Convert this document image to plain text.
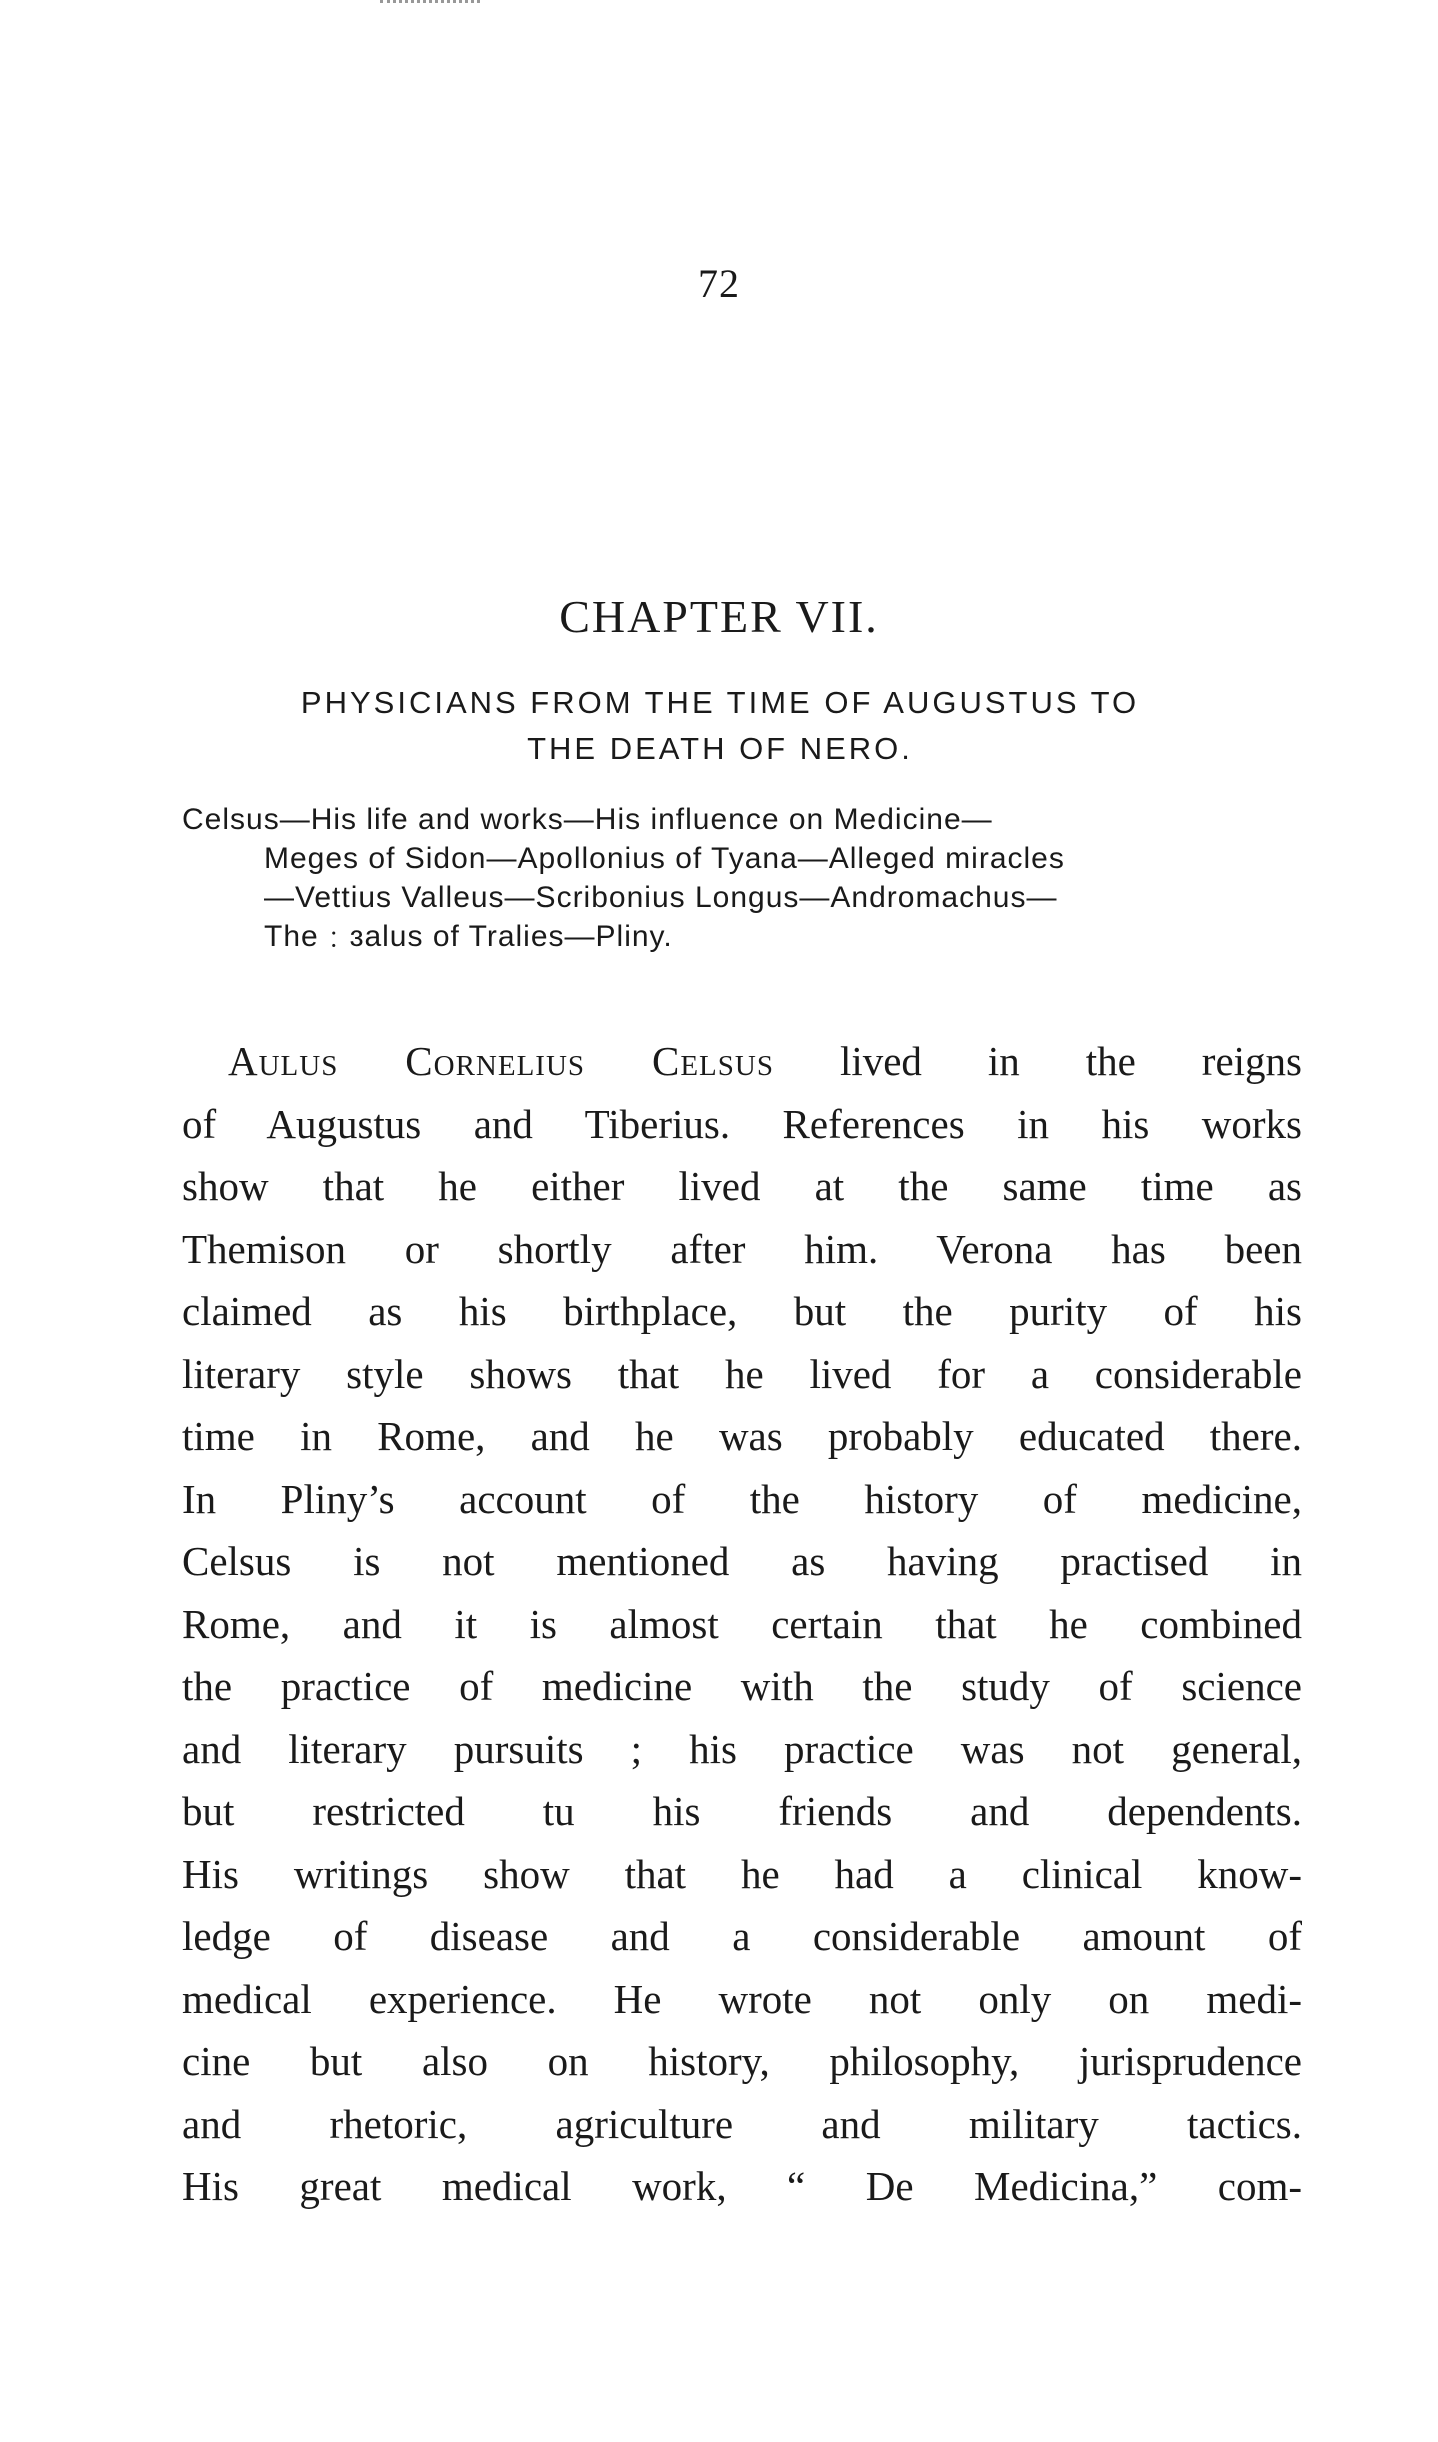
72
CHAPTER VII.
PHYSICIANS FROM THE TIME OF AUGUSTUS TO
THE DEATH OF NERO.
Celsus—His life and works—His influence on Medicine—
Meges of Sidon—Apollonius of Tyana—Alleged miracles
—Vettius Valleus—Scribonius Longus—Andromachus—
The﹕ɜalus of Tralies—Pliny.
Aulus Cornelius Celsus lived in the reigns
of Augustus and Tiberius. References in his works
show that he either lived at the same time as
Themison or shortly after him. Verona has been
claimed as his birthplace, but the purity of his
literary style shows that he lived for a considerable
time in Rome, and he was probably educated there.
In Pliny’s account of the history of medicine,
Celsus is not mentioned as having practised in
Rome, and it is almost certain that he combined
the practice of medicine with the study of science
and literary pursuits ; his practice was not general,
but restricted tu his friends and dependents.
His writings show that he had a clinical know-
ledge of disease and a considerable amount of
medical experience. He wrote not only on medi-
cine but also on history, philosophy, jurisprudence
and rhetoric, agriculture and military tactics.
His great medical work, “ De Medicina,” com-
